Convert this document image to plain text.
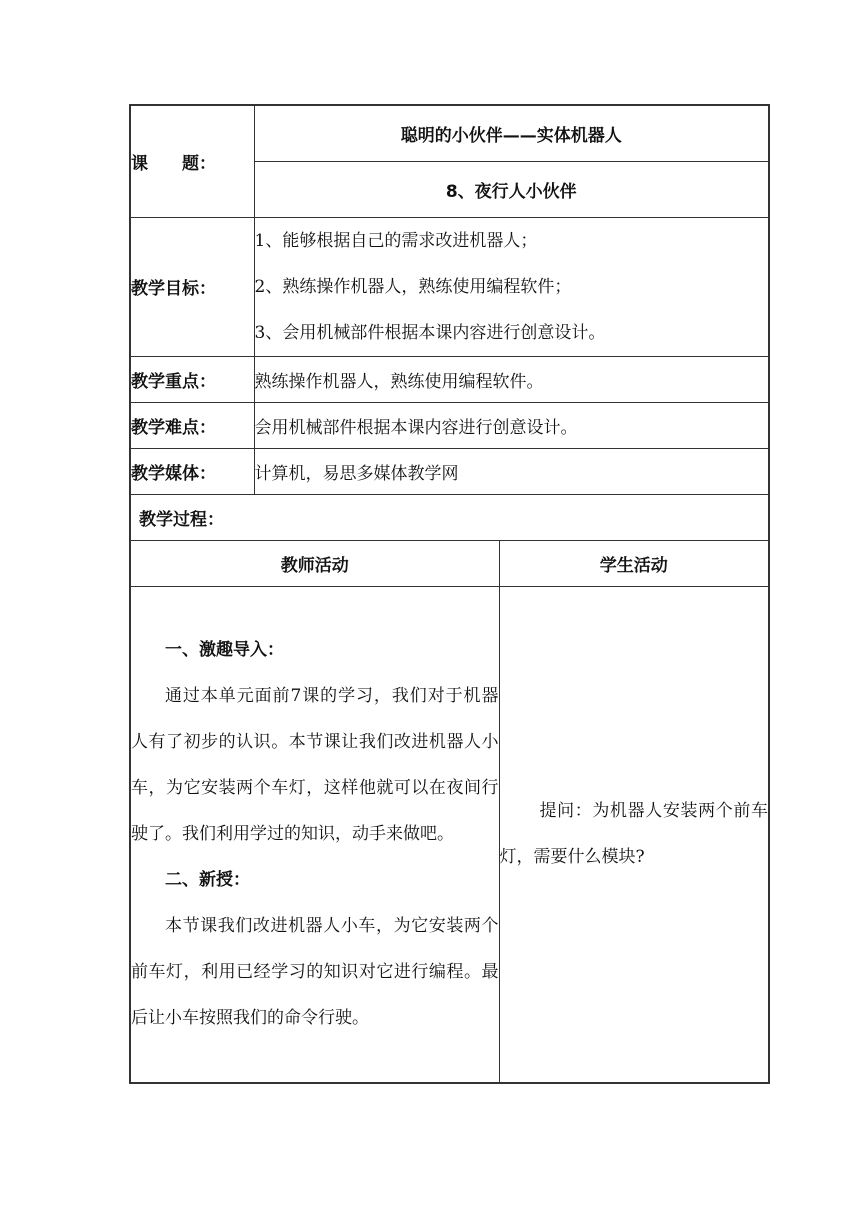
课　　题：	聪明的小伙伴——实体机器人	
	8、夜行人小伙伴	
教学目标：	1、能够根据自己的需求改进机器人；
2、熟练操作机器人，熟练使用编程软件；
3、会用机械部件根据本课内容进行创意设计。	

教学重点：	熟练操作机器人，熟练使用编程软件。	
教学难点：	会用机械部件根据本课内容进行创意设计。	
教学媒体：	计算机，易思多媒体教学网	
教学过程：		
教师活动		学生活动

一、激趣导入：
通过本单元面前7课的学习，我们对于机器人有了初步的认识。本节课让我们改进机器人小车，为它安装两个车灯，这样他就可以在夜间行驶了。我们利用学过的知识，动手来做吧。
二、新授：
本节课我们改进机器人小车，为它安装两个前车灯，利用已经学习的知识对它进行编程。最后让小车按照我们的命令行驶。		提问：为机器人安装两个前车灯，需要什么模块?
